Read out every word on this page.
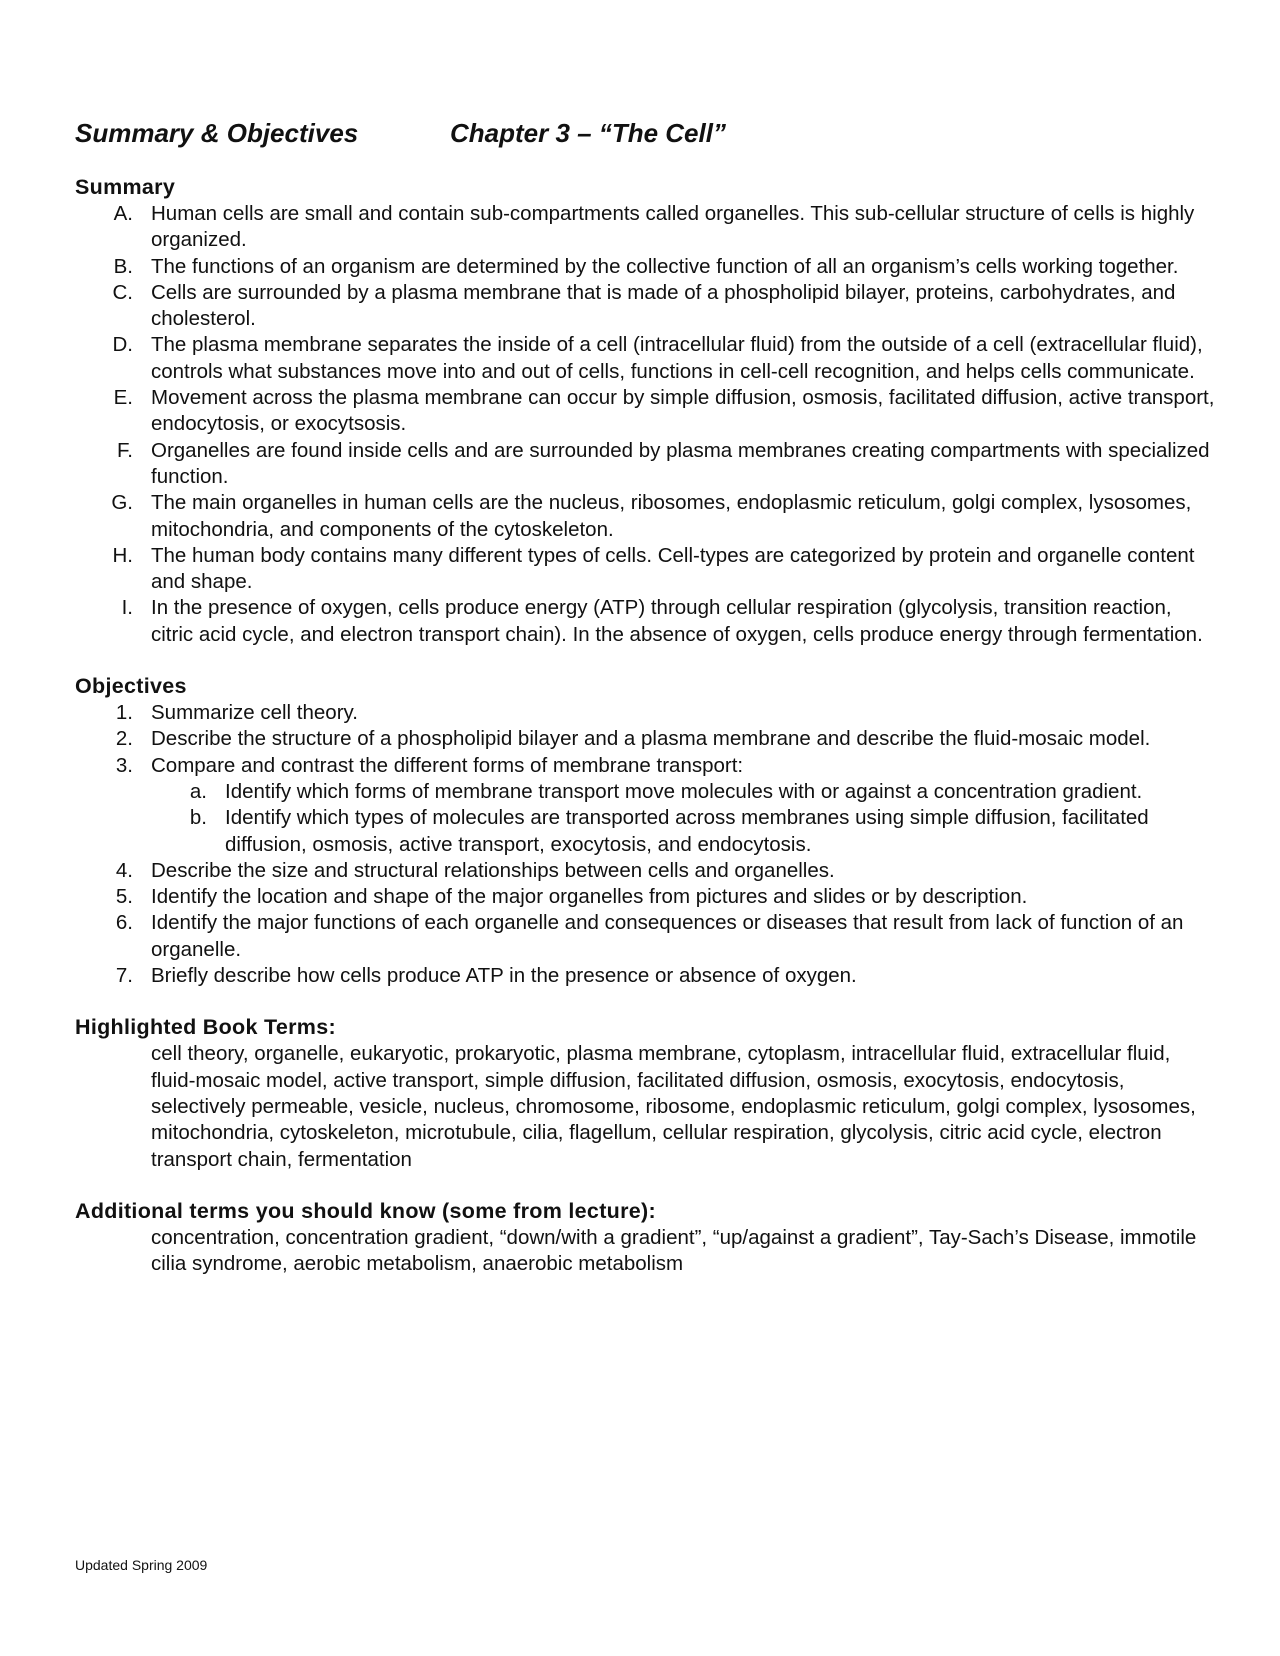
Summary & Objectives	Chapter 3 – “The Cell”
Summary
A. Human cells are small and contain sub-compartments called organelles. This sub-cellular structure of cells is highly organized.
B. The functions of an organism are determined by the collective function of all an organism’s cells working together.
C. Cells are surrounded by a plasma membrane that is made of a phospholipid bilayer, proteins, carbohydrates, and cholesterol.
D. The plasma membrane separates the inside of a cell (intracellular fluid) from the outside of a cell (extracellular fluid), controls what substances move into and out of cells, functions in cell-cell recognition, and helps cells communicate.
E. Movement across the plasma membrane can occur by simple diffusion, osmosis, facilitated diffusion, active transport, endocytosis, or exocytsosis.
F. Organelles are found inside cells and are surrounded by plasma membranes creating compartments with specialized function.
G. The main organelles in human cells are the nucleus, ribosomes, endoplasmic reticulum, golgi complex, lysosomes, mitochondria, and components of the cytoskeleton.
H. The human body contains many different types of cells. Cell-types are categorized by protein and organelle content and shape.
I. In the presence of oxygen, cells produce energy (ATP) through cellular respiration (glycolysis, transition reaction, citric acid cycle, and electron transport chain). In the absence of oxygen, cells produce energy through fermentation.
Objectives
1. Summarize cell theory.
2. Describe the structure of a phospholipid bilayer and a plasma membrane and describe the fluid-mosaic model.
3. Compare and contrast the different forms of membrane transport:
a. Identify which forms of membrane transport move molecules with or against a concentration gradient.
b. Identify which types of molecules are transported across membranes using simple diffusion, facilitated diffusion, osmosis, active transport, exocytosis, and endocytosis.
4. Describe the size and structural relationships between cells and organelles.
5. Identify the location and shape of the major organelles from pictures and slides or by description.
6. Identify the major functions of each organelle and consequences or diseases that result from lack of function of an organelle.
7. Briefly describe how cells produce ATP in the presence or absence of oxygen.
Highlighted Book Terms:
cell theory, organelle, eukaryotic, prokaryotic, plasma membrane, cytoplasm, intracellular fluid, extracellular fluid, fluid-mosaic model, active transport, simple diffusion, facilitated diffusion, osmosis, exocytosis, endocytosis, selectively permeable, vesicle, nucleus, chromosome, ribosome, endoplasmic reticulum, golgi complex, lysosomes, mitochondria, cytoskeleton, microtubule, cilia, flagellum, cellular respiration, glycolysis, citric acid cycle, electron transport chain, fermentation
Additional terms you should know (some from lecture):
concentration, concentration gradient, “down/with a gradient”, “up/against a gradient”, Tay-Sach’s Disease, immotile cilia syndrome, aerobic metabolism, anaerobic metabolism
Updated Spring 2009
